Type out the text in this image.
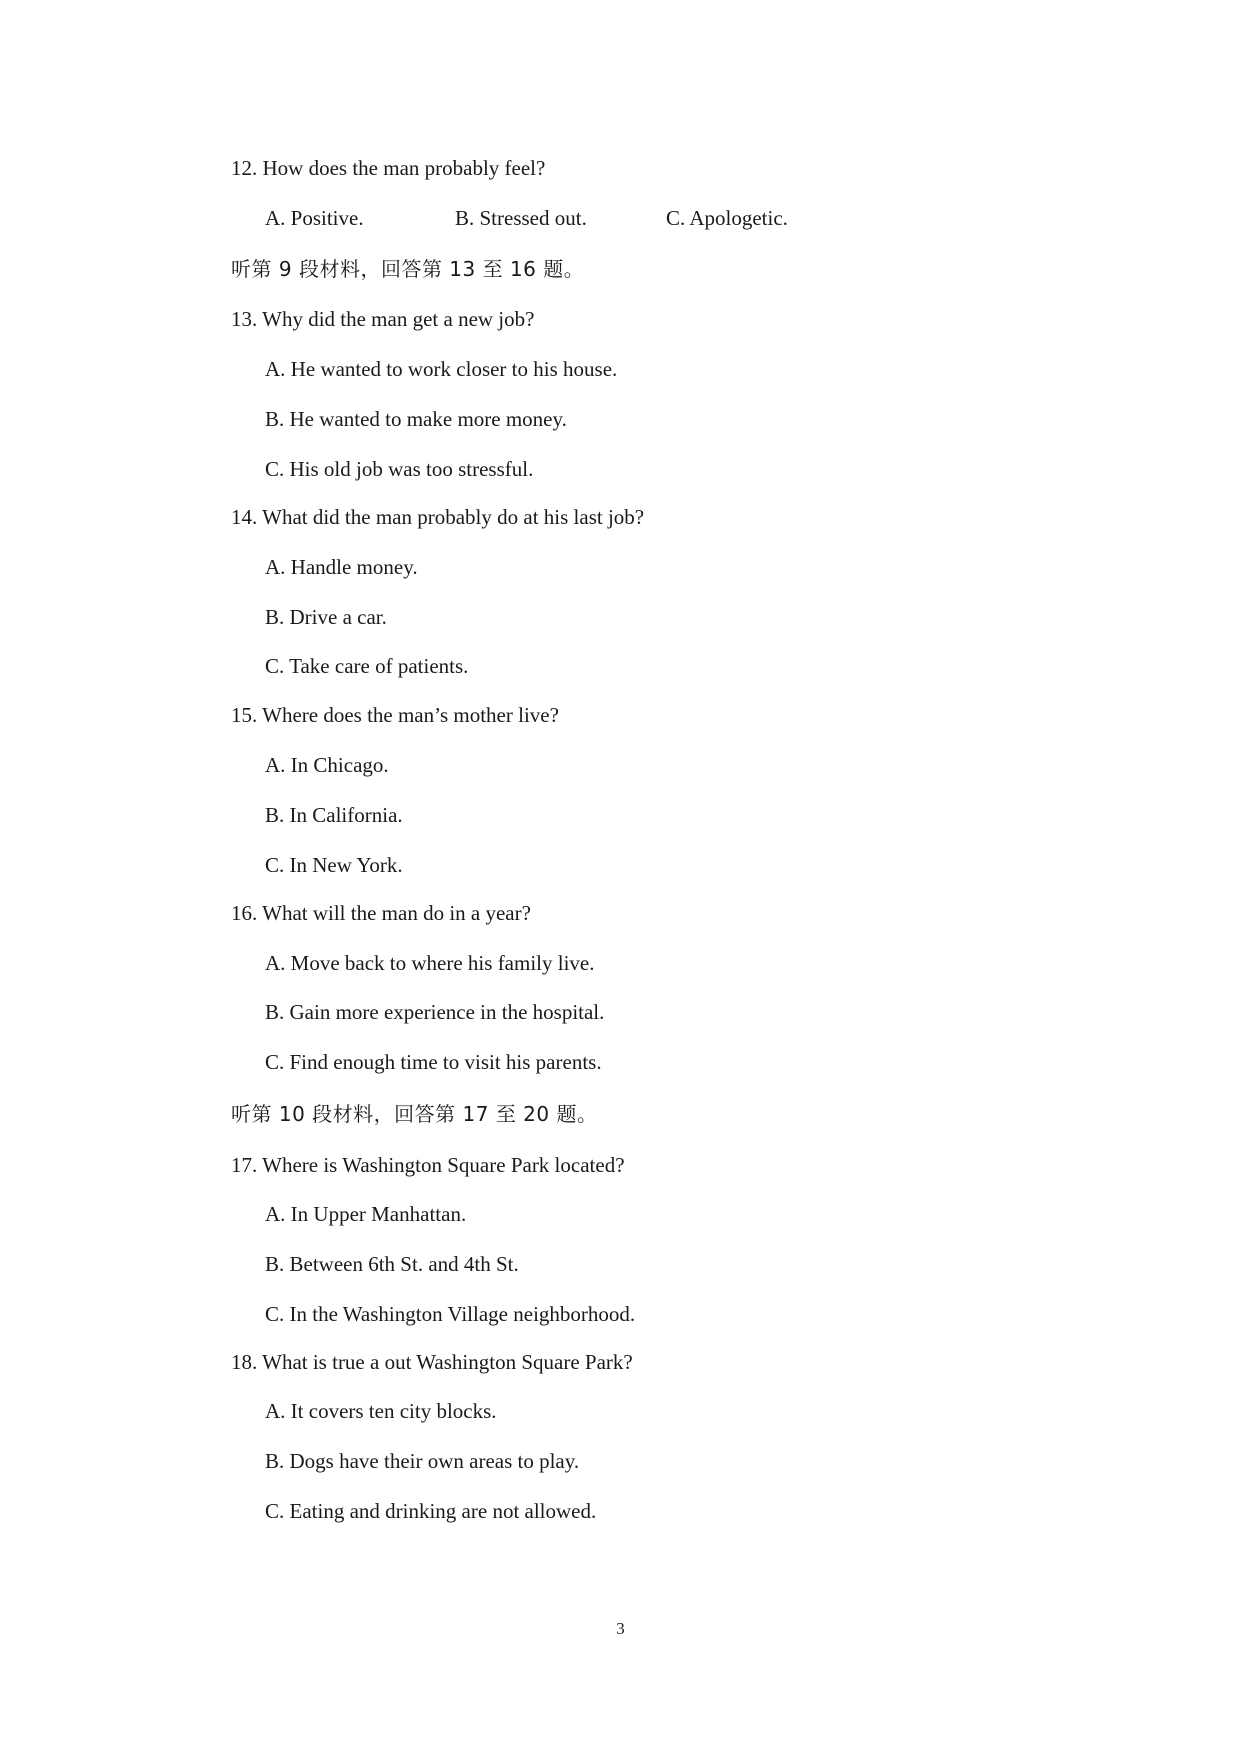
12. How does the man probably feel?
A. Positive.	B. Stressed out.	C. Apologetic.
听第 9 段材料，回答第 13 至 16 题。
13. Why did the man get a new job?
A. He wanted to work closer to his house.
B. He wanted to make more money.
C. His old job was too stressful.
14. What did the man probably do at his last job?
A. Handle money.
B. Drive a car.
C. Take care of patients.
15. Where does the man’s mother live?
A. In Chicago.
B. In California.
C. In New York.
16. What will the man do in a year?
A. Move back to where his family live.
B. Gain more experience in the hospital.
C. Find enough time to visit his parents.
听第 10 段材料，回答第 17 至 20 题。
17. Where is Washington Square Park located?
A. In Upper Manhattan.
B. Between 6th St. and 4th St.
C. In the Washington Village neighborhood.
18. What is true a out Washington Square Park?
A. It covers ten city blocks.
B. Dogs have their own areas to play.
C. Eating and drinking are not allowed.
3
